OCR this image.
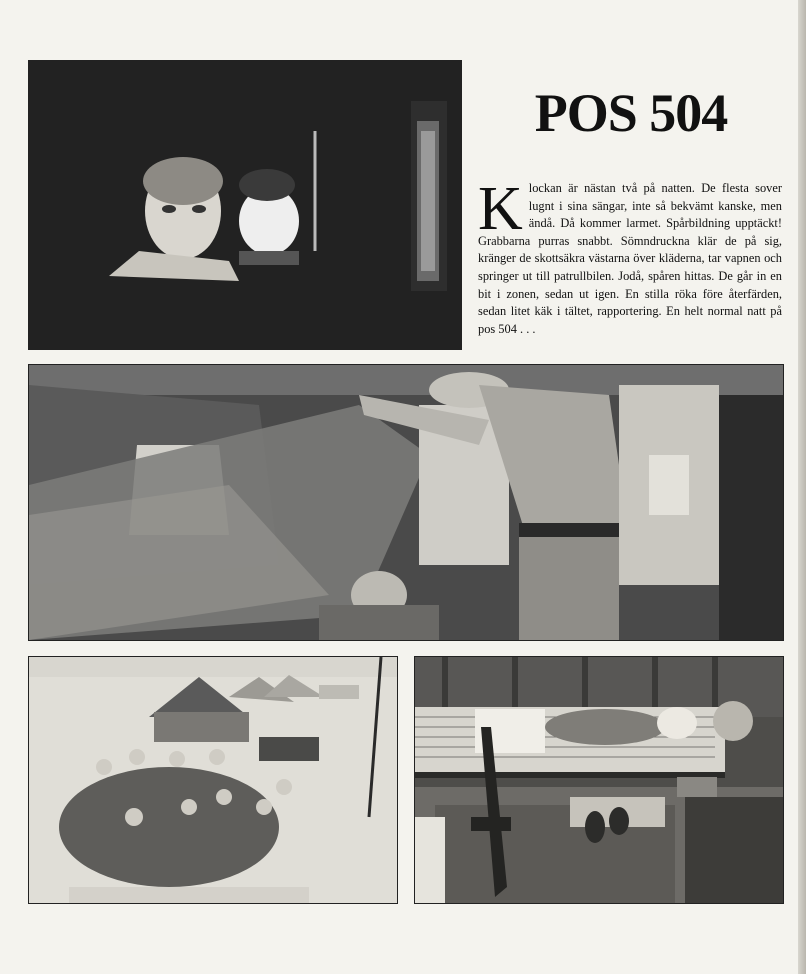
POS 504

Klockan är nästan två på natten. De flesta sover lugnt i sina sängar, inte så bekvämt kanske, men ändå. Då kommer larmet. Spårbildning upptäckt! Grabbarna purras snabbt. Sömndruckna klär de på sig, kränger de skottsäkra västarna över kläderna, tar vapnen och springer ut till patrullbilen. Jodå, spåren hittas. De går in en bit i zonen, sedan ut igen. En stilla röka före återfärden, sedan litet käk i tältet, rapportering. En helt normal natt på pos 504 . . .
